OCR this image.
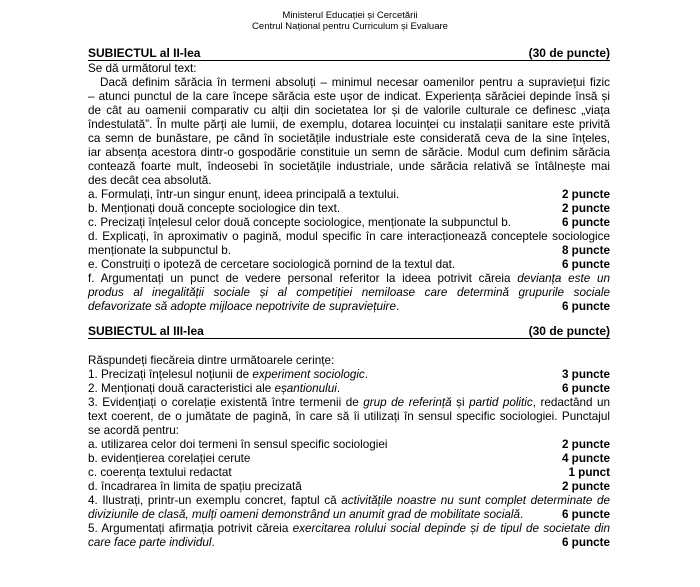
Ministerul Educației și Cercetării
Centrul Național pentru Curriculum și Evaluare
SUBIECTUL al II-lea	(30 de puncte)
Se dă următorul text:
Dacă definim sărăcia în termeni absoluți – minimul necesar oamenilor pentru a supraviețui fizic
– atunci punctul de la care începe sărăcia este ușor de indicat. Experiența sărăciei depinde însă și
de cât au oamenii comparativ cu alții din societatea lor și de valorile culturale ce definesc „viața
îndestulată”. În multe părți ale lumii, de exemplu, dotarea locuinței cu instalații sanitare este privită
ca semn de bunăstare, pe când în societățile industriale este considerată ceva de la sine înțeles,
iar absența acestora dintr-o gospodărie constituie un semn de sărăcie. Modul cum definim sărăcia
contează foarte mult, îndeosebi în societățile industriale, unde sărăcia relativă se întâlnește mai
des decât cea absolută.
a. Formulați, într-un singur enunț, ideea principală a textului.	2 puncte
b. Menționați două concepte sociologice din text.	2 puncte
c. Precizați înțelesul celor două concepte sociologice, menționate la subpunctul b.	6 puncte
d. Explicați, în aproximativ o pagină, modul specific în care interacționează conceptele sociologice
menționate la subpunctul b.	8 puncte
e. Construiți o ipoteză de cercetare sociologică pornind de la textul dat.	6 puncte
f. Argumentați un punct de vedere personal referitor la ideea potrivit căreia devianța este un
produs al inegalității sociale și al competiției nemiloase care determină grupurile sociale
defavorizate să adopte mijloace nepotrivite de supraviețuire.	6 puncte
SUBIECTUL al III-lea	(30 de puncte)
Răspundeți fiecăreia dintre următoarele cerințe:
1. Precizați înțelesul noțiunii de experiment sociologic.	3 puncte
2. Menționați două caracteristici ale eșantionului.	6 puncte
3. Evidențiați o corelație existentă între termenii de grup de referință și partid politic, redactând un
text coerent, de o jumătate de pagină, în care să îi utilizați în sensul specific sociologiei. Punctajul
se acordă pentru:
a. utilizarea celor doi termeni în sensul specific sociologiei	2 puncte
b. evidențierea corelației cerute	4 puncte
c. coerența textului redactat	1 punct
d. încadrarea în limita de spațiu precizată	2 puncte
4. Ilustrați, printr-un exemplu concret, faptul că activitățile noastre nu sunt complet determinate de
diviziunile de clasă, mulți oameni demonstrând un anumit grad de mobilitate socială.	6 puncte
5. Argumentați afirmația potrivit căreia exercitarea rolului social depinde și de tipul de societate din
care face parte individul.	6 puncte
